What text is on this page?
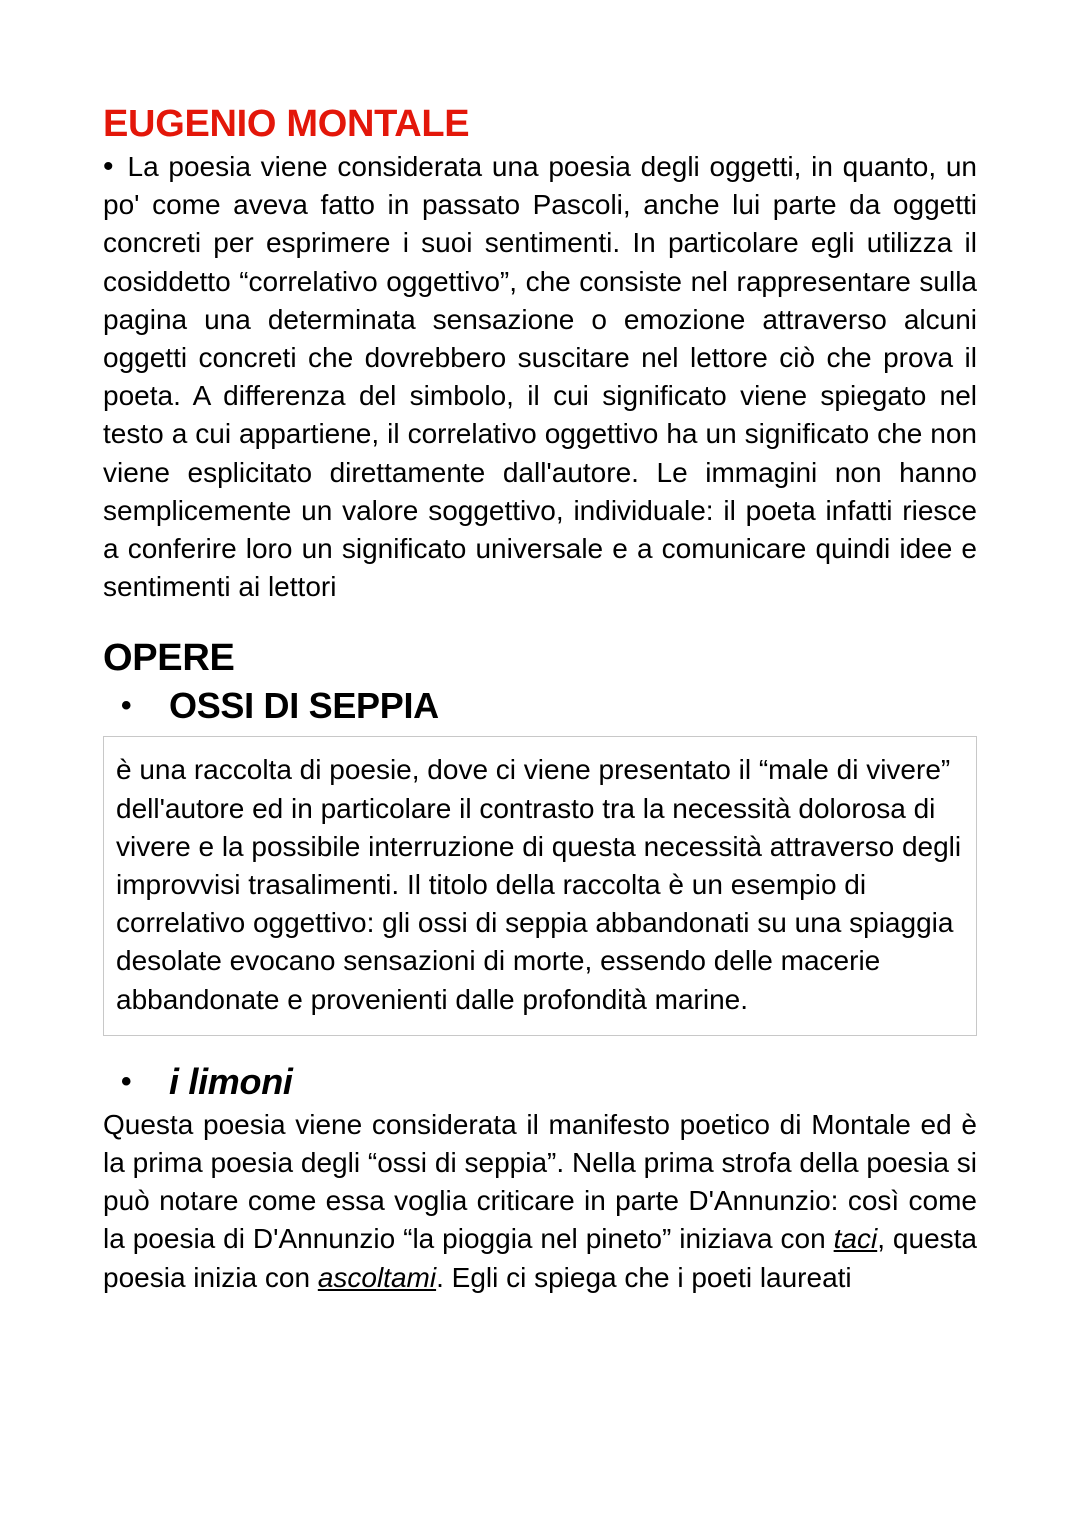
EUGENIO MONTALE

• La poesia viene considerata una poesia degli oggetti, in quanto, un po' come aveva fatto in passato Pascoli, anche lui parte da oggetti concreti per esprimere i suoi sentimenti. In particolare egli utilizza il cosiddetto “correlativo oggettivo”, che consiste nel rappresentare sulla pagina una determinata sensazione o emozione attraverso alcuni oggetti concreti che dovrebbero suscitare nel lettore ciò che prova il poeta. A differenza del simbolo, il cui significato viene spiegato nel testo a cui appartiene, il correlativo oggettivo ha un significato che non viene esplicitato direttamente dall'autore. Le immagini non hanno semplicemente un valore soggettivo, individuale: il poeta infatti riesce a conferire loro un significato universale e a comunicare quindi idee e sentimenti ai lettori

OPERE
•	OSSI DI SEPPIA

è una raccolta di poesie, dove ci viene presentato il “male di vivere” dell'autore ed in particolare il contrasto tra la necessità dolorosa di vivere e la possibile interruzione di questa necessità attraverso degli improvvisi trasalimenti. Il titolo della raccolta è un esempio di correlativo oggettivo: gli ossi di seppia abbandonati su una spiaggia desolate evocano sensazioni di morte, essendo delle macerie abbandonate e provenienti dalle profondità marine.

•	i limoni

Questa poesia viene considerata il manifesto poetico di Montale ed è la prima poesia degli “ossi di seppia”. Nella prima strofa della poesia si può notare come essa voglia criticare in parte D'Annunzio: così come la poesia di D'Annunzio “la pioggia nel pineto” iniziava con taci, questa poesia inizia con ascoltami. Egli ci spiega che i poeti laureati
